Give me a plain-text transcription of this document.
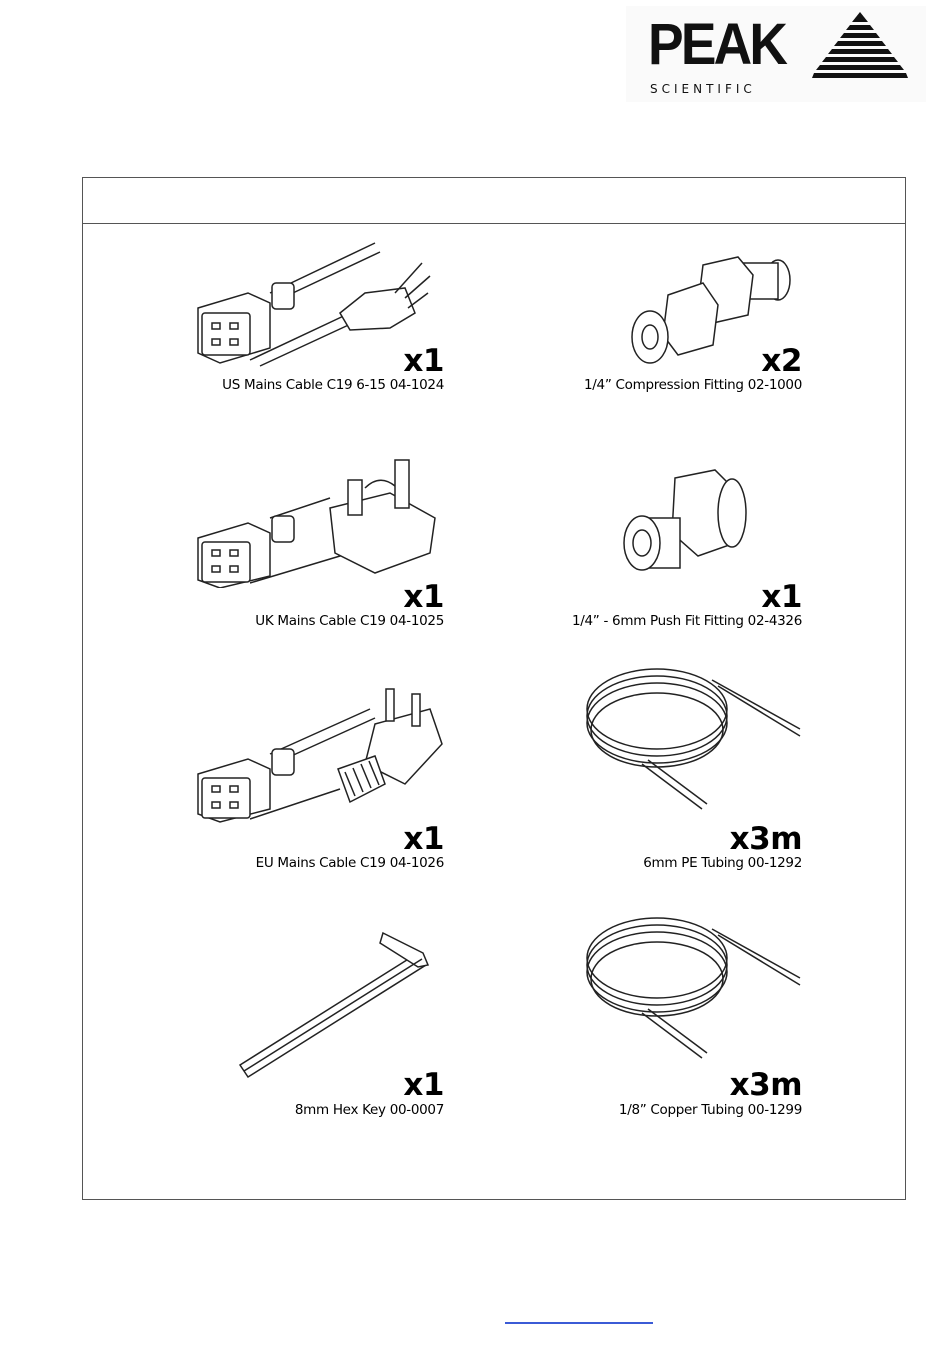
PEAK
SCIENTIFIC
x1
US Mains Cable C19 6-15 04-1024
x2
1/4” Compression Fitting 02-1000
x1
UK Mains Cable C19 04-1025
x1
1/4” - 6mm Push Fit Fitting 02-4326
x1
EU Mains Cable C19 04-1026
x3m
6mm PE Tubing 00-1292
x1
8mm Hex Key 00-0007
x3m
1/8” Copper Tubing 00-1299
